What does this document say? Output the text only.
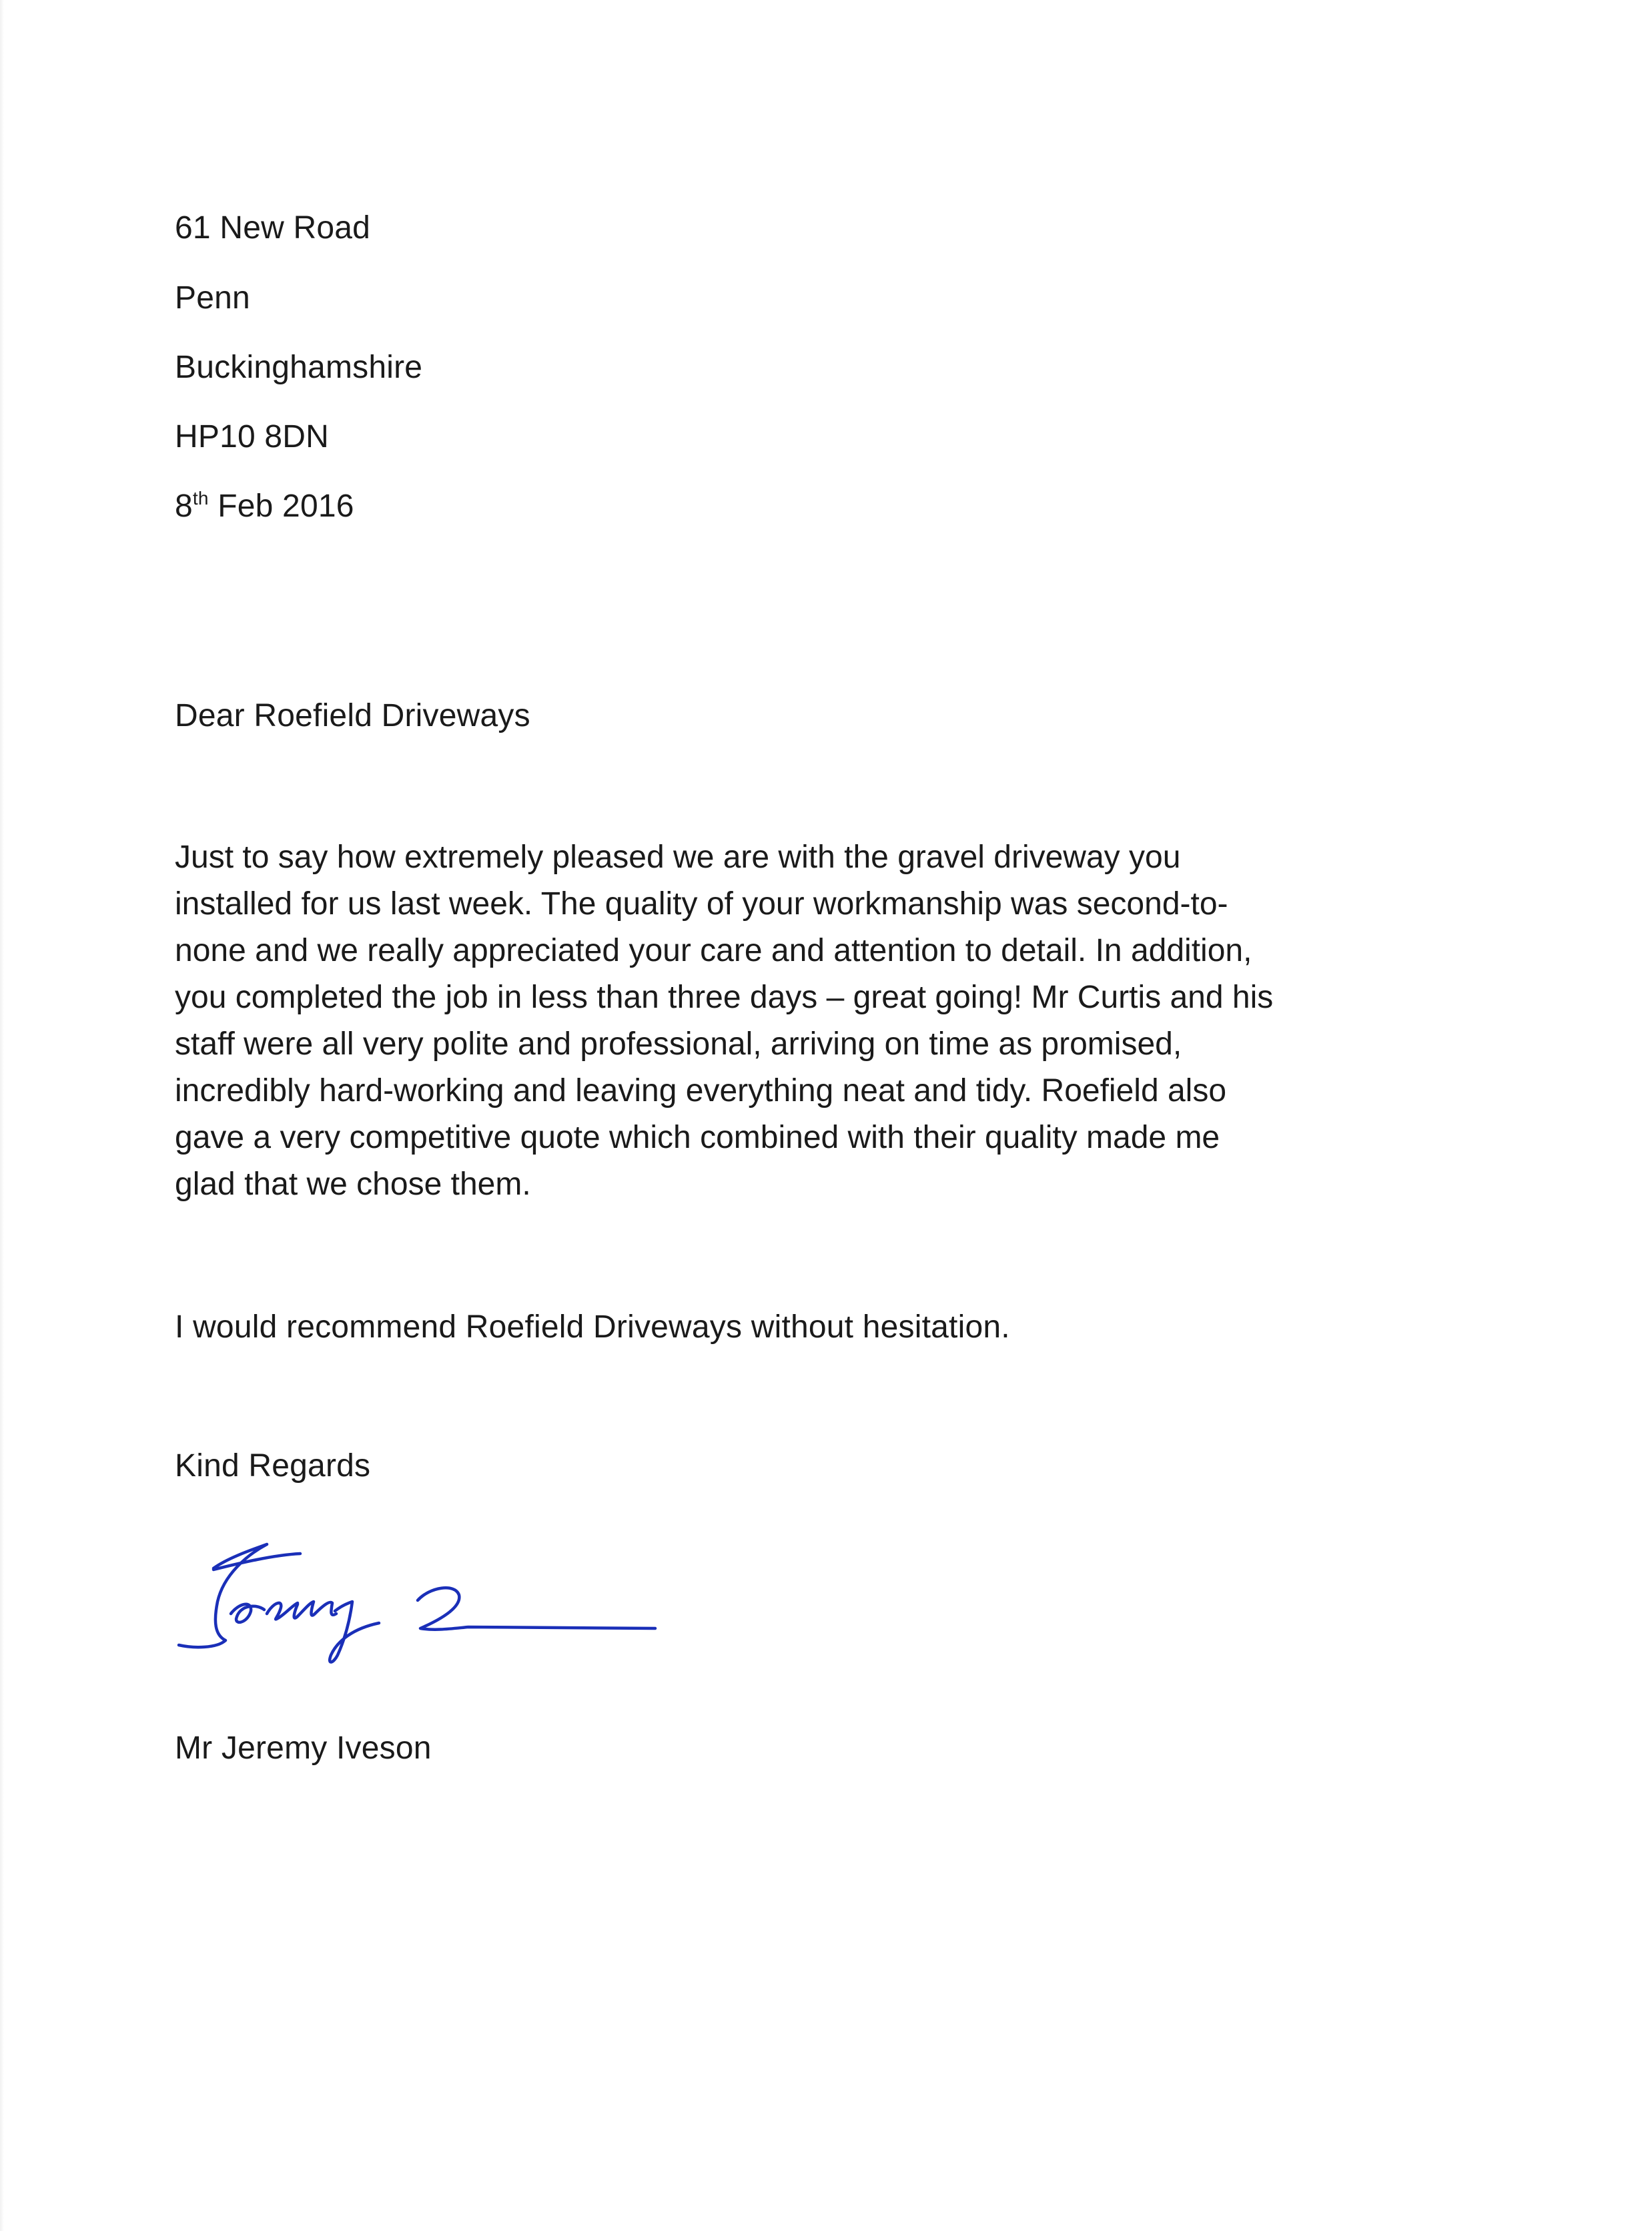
61 New Road
Penn
Buckinghamshire
HP10 8DN
8th Feb 2016
Dear Roefield Driveways
Just to say how extremely pleased we are with the gravel driveway you
installed for us last week. The quality of your workmanship was second-to-
none and we really appreciated your care and attention to detail. In addition,
you completed the job in less than three days – great going! Mr Curtis and his
staff were all very polite and professional, arriving on time as promised,
incredibly hard-working and leaving everything neat and tidy. Roefield also
gave a very competitive quote which combined with their quality made me
glad that we chose them.
I would recommend Roefield Driveways without hesitation.
Kind Regards
Mr Jeremy Iveson
